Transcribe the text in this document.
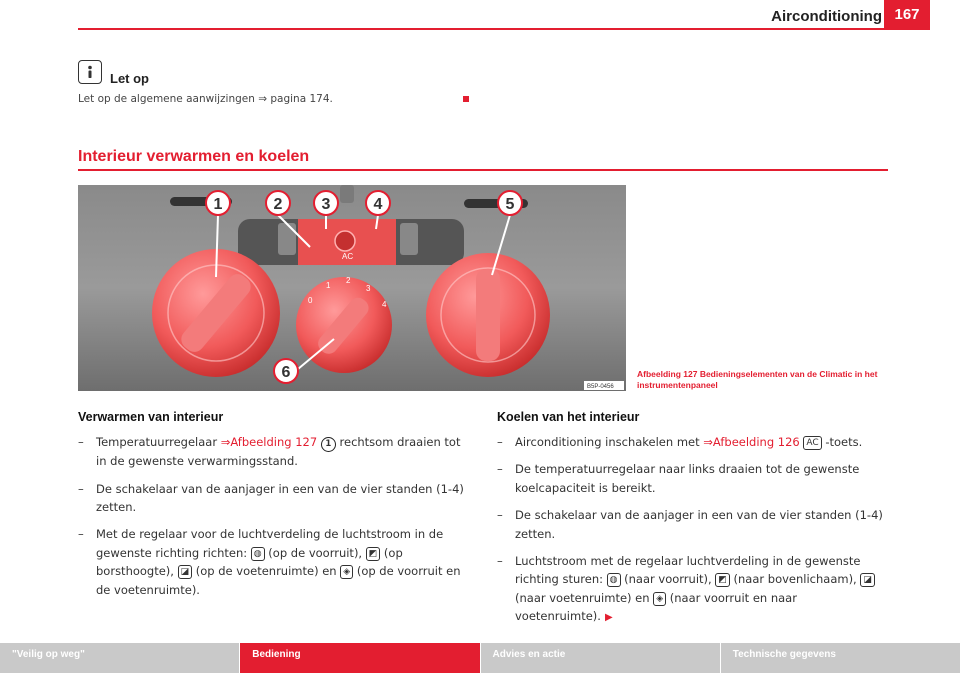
Airconditioning 167
Let op
Let op de algemene aanwijzingen ⇒ pagina 174.
Interieur verwarmen en koelen
AC
0
1
2
3
4
1	2 3	4	5
6
B5P-0456
Afbeelding 127 Bedieningselementen van de Climatic in het instrumentenpaneel
Verwarmen van interieur
– Temperatuurregelaar ⇒Afbeelding 127 1 rechtsom draaien tot in de gewenste verwarmingsstand.
– De schakelaar van de aanjager in een van de vier standen (1-4) zetten.
– Met de regelaar voor de luchtverdeling de luchtstroom in de gewenste richting richten: ◍ (op de voorruit), ◩ (op borsthoogte), ◪ (op de voetenruimte) en ◈ (op de voorruit en de voetenruimte).
Koelen van het interieur
– Airconditioning inschakelen met ⇒Afbeelding 126 AC -toets.
– De temperatuurregelaar naar links draaien tot de gewenste koelcapaciteit is bereikt.
– De schakelaar van de aanjager in een van de vier standen (1-4) zetten.
– Luchtstroom met de regelaar luchtverdeling in de gewenste richting sturen: ◍ (naar voorruit), ◩ (naar bovenlichaam), ◪ (naar voetenruimte) en ◈ (naar voorruit en naar voetenruimte). ▶
"Veilig op weg"	Bediening	Advies en actie	Technische gegevens
